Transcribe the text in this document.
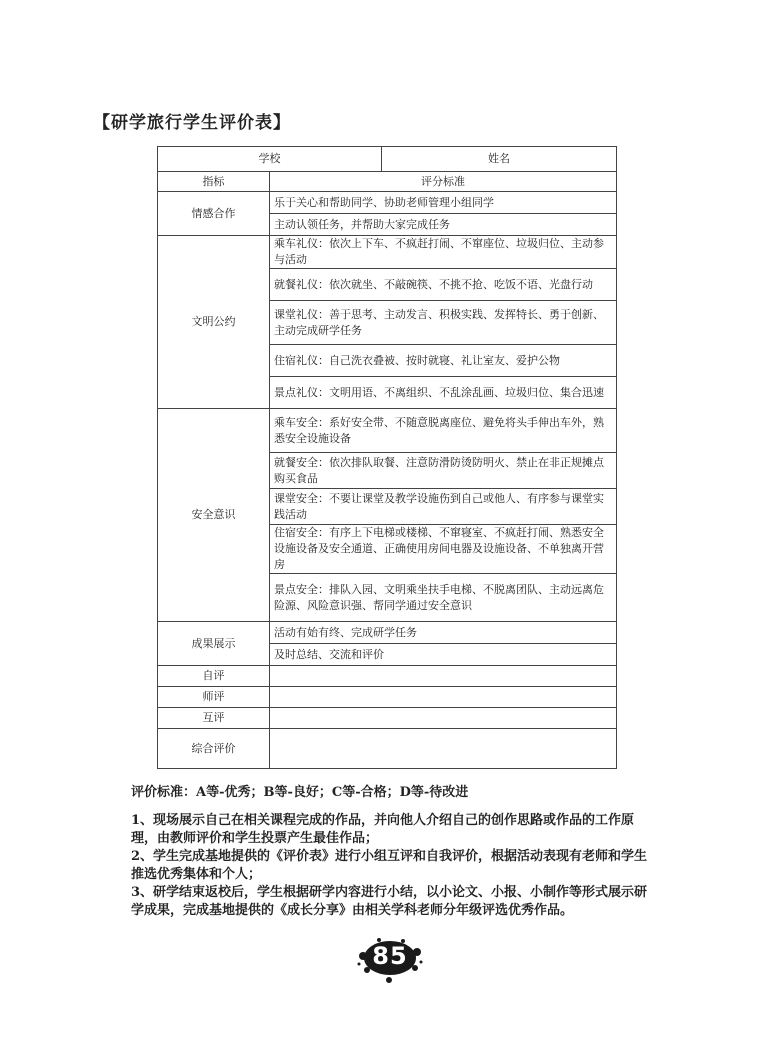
【研学旅行学生评价表】
学校		姓名
指标	评分标准	
情感合作	乐于关心和帮助同学、协助老师管理小组同学	
	主动认领任务，并帮助大家完成任务	
文明公约	乘车礼仪：依次上下车、不疯赶打闹、不窜座位、垃圾归位、主动参与活动	
	就餐礼仪：依次就坐、不敲碗筷、不挑不抢、吃饭不语、光盘行动	
	课堂礼仪：善于思考、主动发言、积极实践、发挥特长、勇于创新、主动完成研学任务	
	住宿礼仪：自己洗衣叠被、按时就寝、礼让室友、爱护公物	
	景点礼仪：文明用语、不离组织、不乱涂乱画、垃圾归位、集合迅速	
安全意识	乘车安全：系好安全带、不随意脱离座位、避免将头手伸出车外，熟悉安全设施设备	
	就餐安全：依次排队取餐、注意防滑防烫防明火、禁止在非正规摊点购买食品	
	课堂安全：不要让课堂及教学设施伤到自己或他人、有序参与课堂实践活动	
	住宿安全：有序上下电梯或楼梯、不窜寝室、不疯赶打闹、熟悉安全设施设备及安全通道、正确使用房间电器及设施设备、不单独离开营房	
	景点安全：排队入园、文明乘坐扶手电梯、不脱离团队、主动远离危险源、风险意识强、帮同学通过安全意识	
成果展示	活动有始有终、完成研学任务	
	及时总结、交流和评价	
自评		
师评		
互评		
综合评价		
评价标准：A等-优秀；B等-良好；C等-合格；D等-待改进

1、现场展示自己在相关课程完成的作品，并向他人介绍自己的创作思路或作品的工作原理，由教师评价和学生投票产生最佳作品；

2、学生完成基地提供的《评价表》进行小组互评和自我评价，根据活动表现有老师和学生推选优秀集体和个人；

3、研学结束返校后，学生根据研学内容进行小结，以小论文、小报、小制作等形式展示研学成果，完成基地提供的《成长分享》由相关学科老师分年级评选优秀作品。

85
